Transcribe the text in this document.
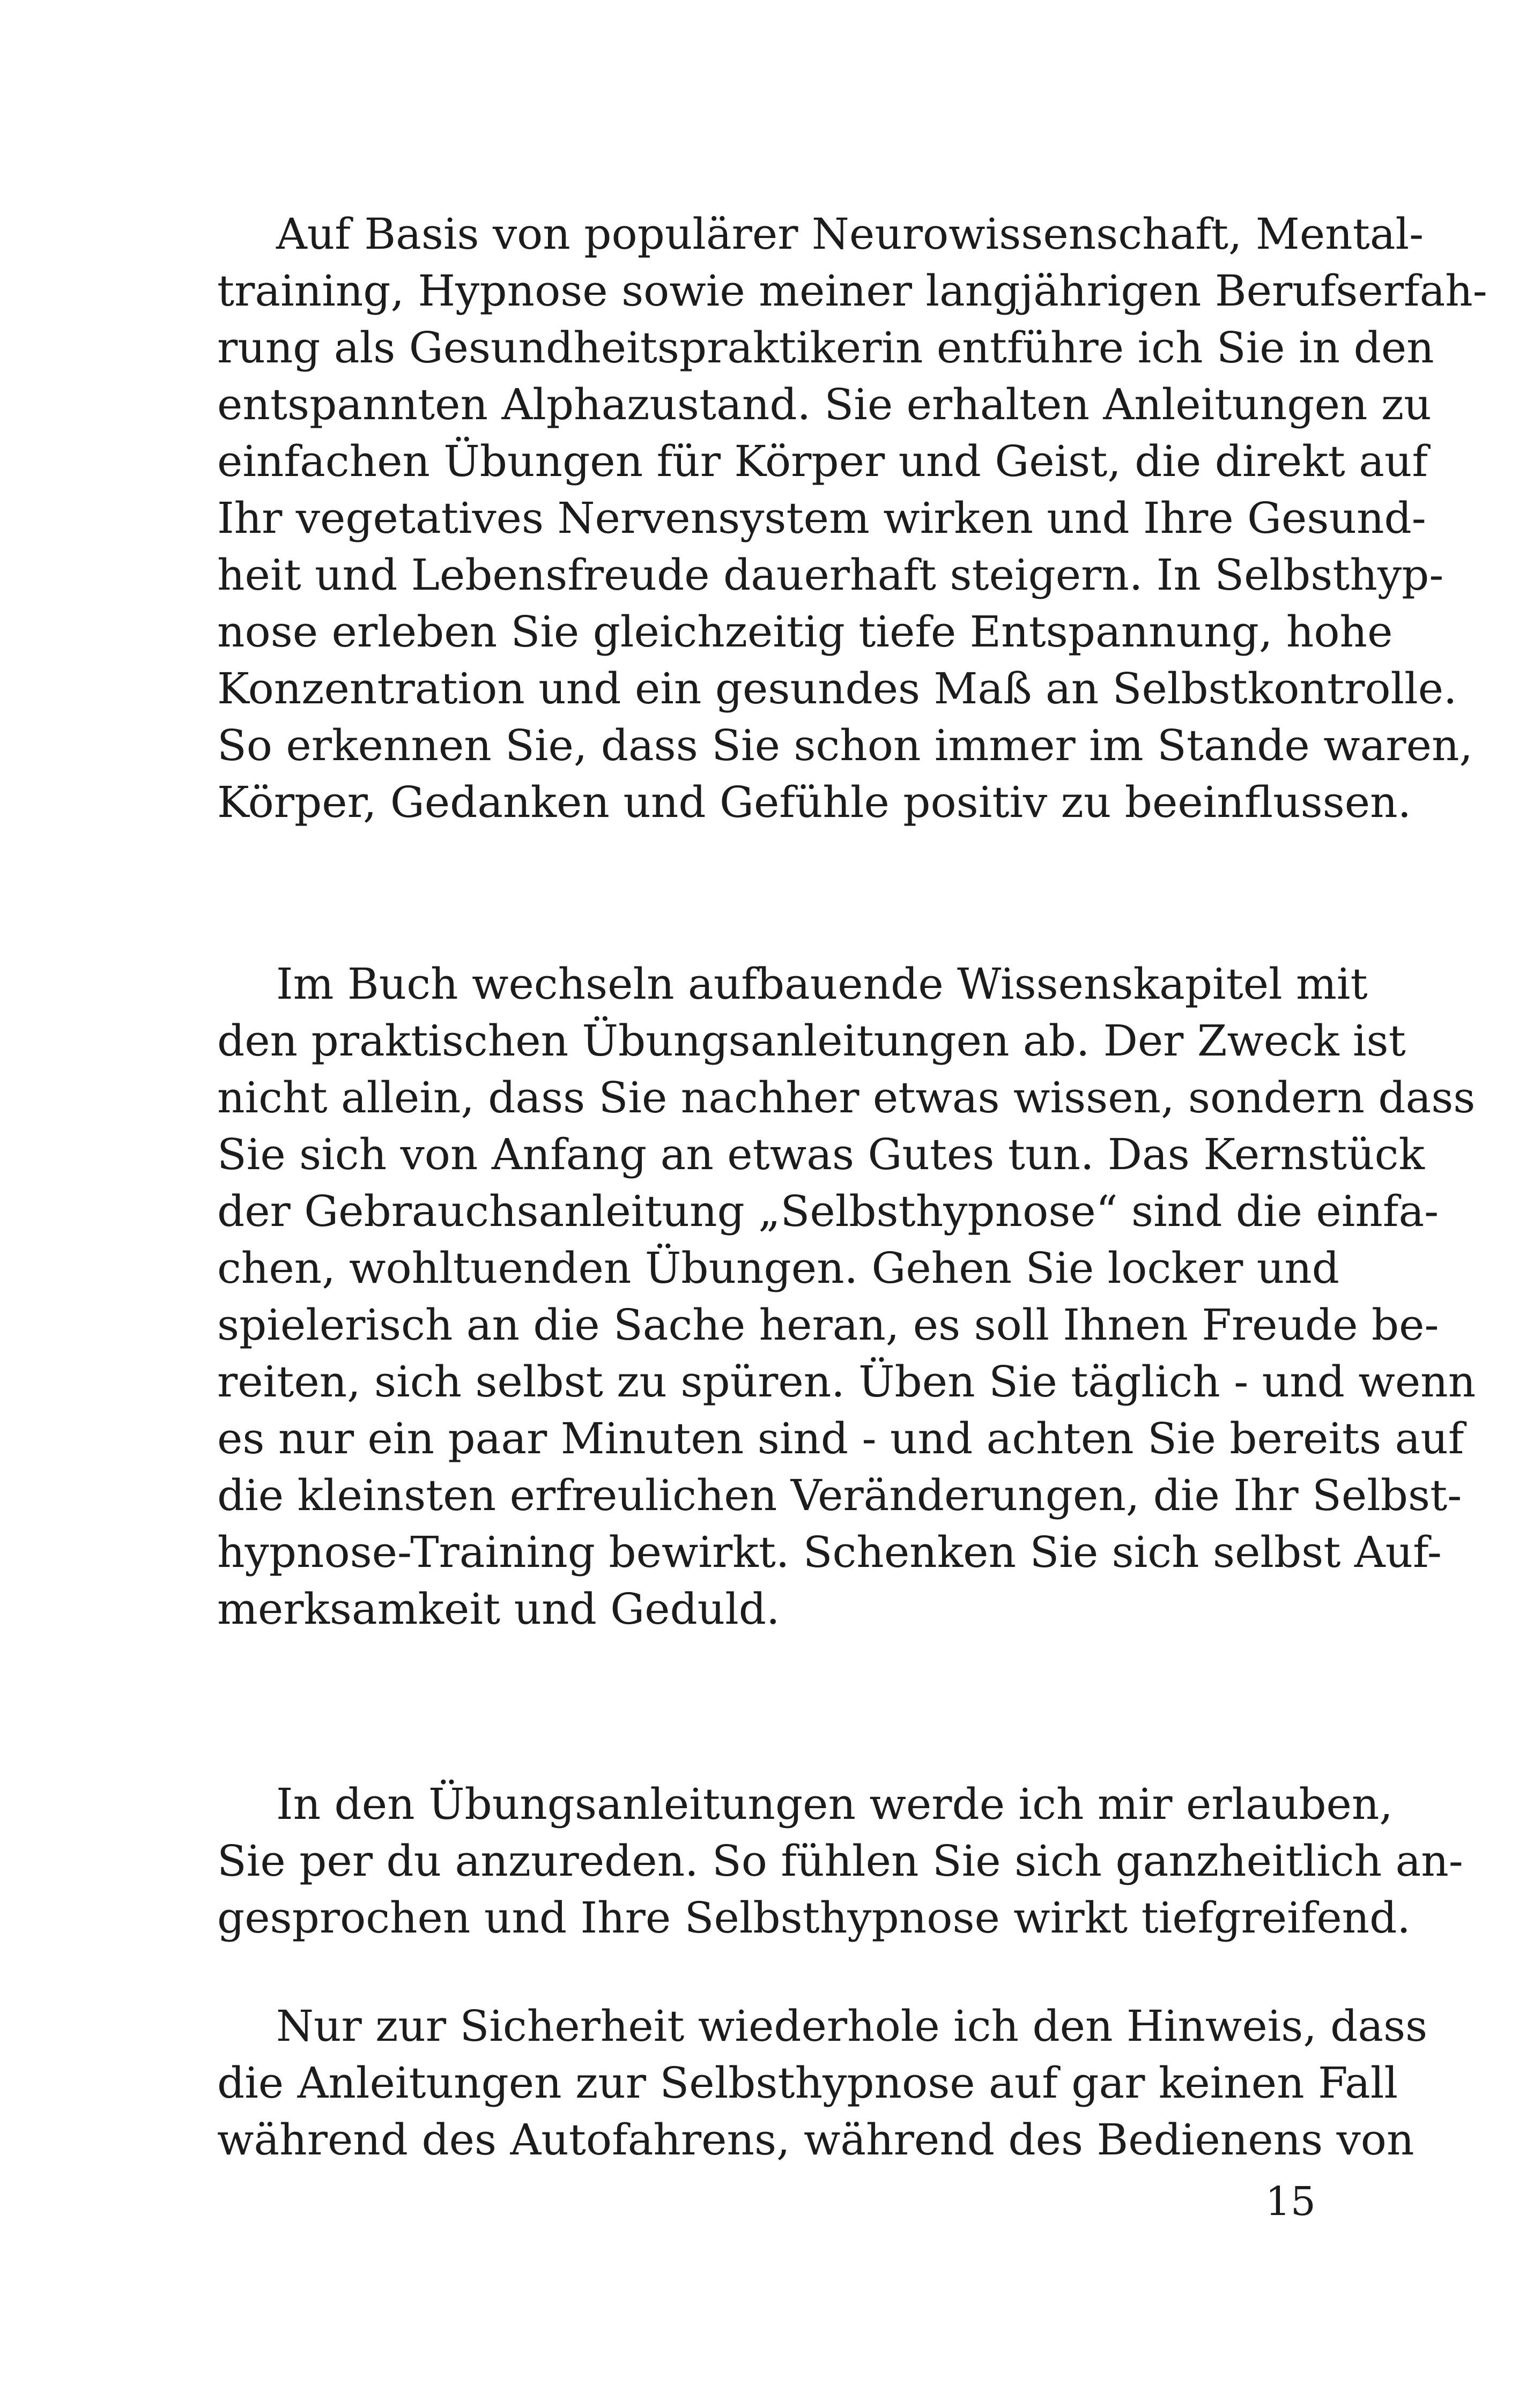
Auf Basis von populärer Neurowissenschaft, Mental-

training, Hypnose sowie meiner langjährigen Berufserfah-

rung als Gesundheitspraktikerin entführe ich Sie in den

entspannten Alphazustand. Sie erhalten Anleitungen zu

einfachen Übungen für Körper und Geist, die direkt auf

Ihr vegetatives Nervensystem wirken und Ihre Gesund-

heit und Lebensfreude dauerhaft steigern. In Selbsthyp-

nose erleben Sie gleichzeitig tiefe Entspannung, hohe

Konzentration und ein gesundes Maß an Selbstkontrolle.

So erkennen Sie, dass Sie schon immer im Stande waren,

Körper, Gedanken und Gefühle positiv zu beeinflussen.

Im Buch wechseln aufbauende Wissenskapitel mit

den praktischen Übungsanleitungen ab. Der Zweck ist

nicht allein, dass Sie nachher etwas wissen, sondern dass

Sie sich von Anfang an etwas Gutes tun. Das Kernstück

der Gebrauchsanleitung „Selbsthypnose“ sind die einfa-

chen, wohltuenden Übungen. Gehen Sie locker und

spielerisch an die Sache heran, es soll Ihnen Freude be-

reiten, sich selbst zu spüren. Üben Sie täglich - und wenn

es nur ein paar Minuten sind - und achten Sie bereits auf

die kleinsten erfreulichen Veränderungen, die Ihr Selbst-

hypnose-Training bewirkt. Schenken Sie sich selbst Auf-

merksamkeit und Geduld.

In den Übungsanleitungen werde ich mir erlauben,

Sie per du anzureden. So fühlen Sie sich ganzheitlich an-

gesprochen und Ihre Selbsthypnose wirkt tiefgreifend.

Nur zur Sicherheit wiederhole ich den Hinweis, dass

die Anleitungen zur Selbsthypnose auf gar keinen Fall

während des Autofahrens, während des Bedienens von

15
